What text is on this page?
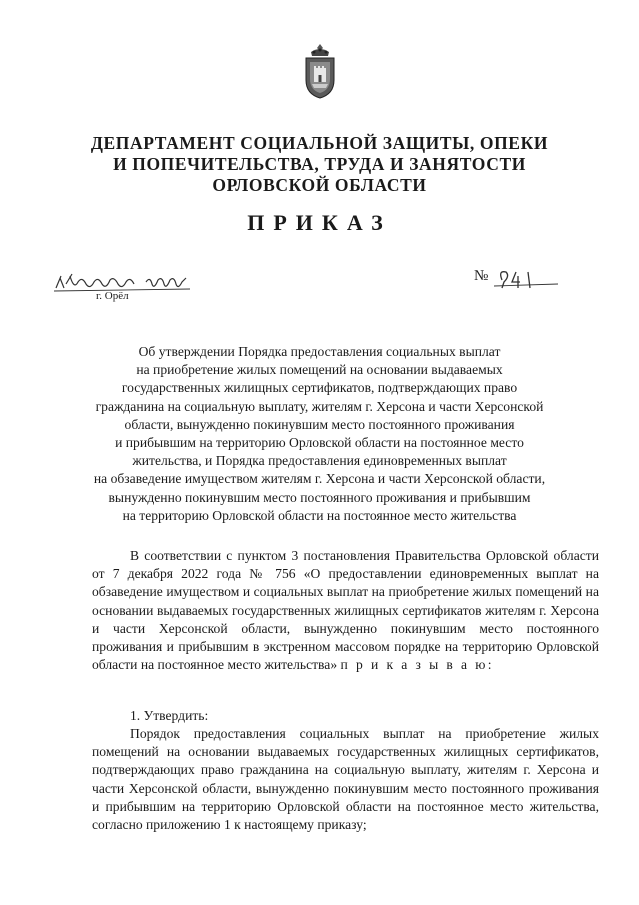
ДЕПАРТАМЕНТ СОЦИАЛЬНОЙ ЗАЩИТЫ, ОПЕКИ
И ПОПЕЧИТЕЛЬСТВА, ТРУДА И ЗАНЯТОСТИ
ОРЛОВСКОЙ ОБЛАСТИ
ПРИКАЗ
г. Орёл
№
Об утверждении Порядка предоставления социальных выплат
на приобретение жилых помещений на основании выдаваемых
государственных жилищных сертификатов, подтверждающих право
гражданина на социальную выплату, жителям г. Херсона и части Херсонской
области, вынужденно покинувшим место постоянного проживания
и прибывшим на территорию Орловской области на постоянное место
жительства, и Порядка предоставления единовременных выплат
на обзаведение имуществом жителям г. Херсона и части Херсонской области,
вынужденно покинувшим место постоянного проживания и прибывшим
на территорию Орловской области на постоянное место жительства
В соответствии с пунктом 3 постановления Правительства Орловской области от 7 декабря 2022 года № 756 «О предоставлении единовременных выплат на обзаведение имуществом и социальных выплат на приобретение жилых помещений на основании выдаваемых государственных жилищных сертификатов жителям г. Херсона и части Херсонской области, вынужденно покинувшим место постоянного проживания и прибывшим в экстренном массовом порядке на территорию Орловской области на постоянное место жительства» п р и к а з ы в а ю:
1. Утвердить:
Порядок предоставления социальных выплат на приобретение жилых помещений на основании выдаваемых государственных жилищных сертификатов, подтверждающих право гражданина на социальную выплату, жителям г. Херсона и части Херсонской области, вынужденно покинувшим место постоянного проживания и прибывшим на территорию Орловской области на постоянное место жительства, согласно приложению 1 к настоящему приказу;
